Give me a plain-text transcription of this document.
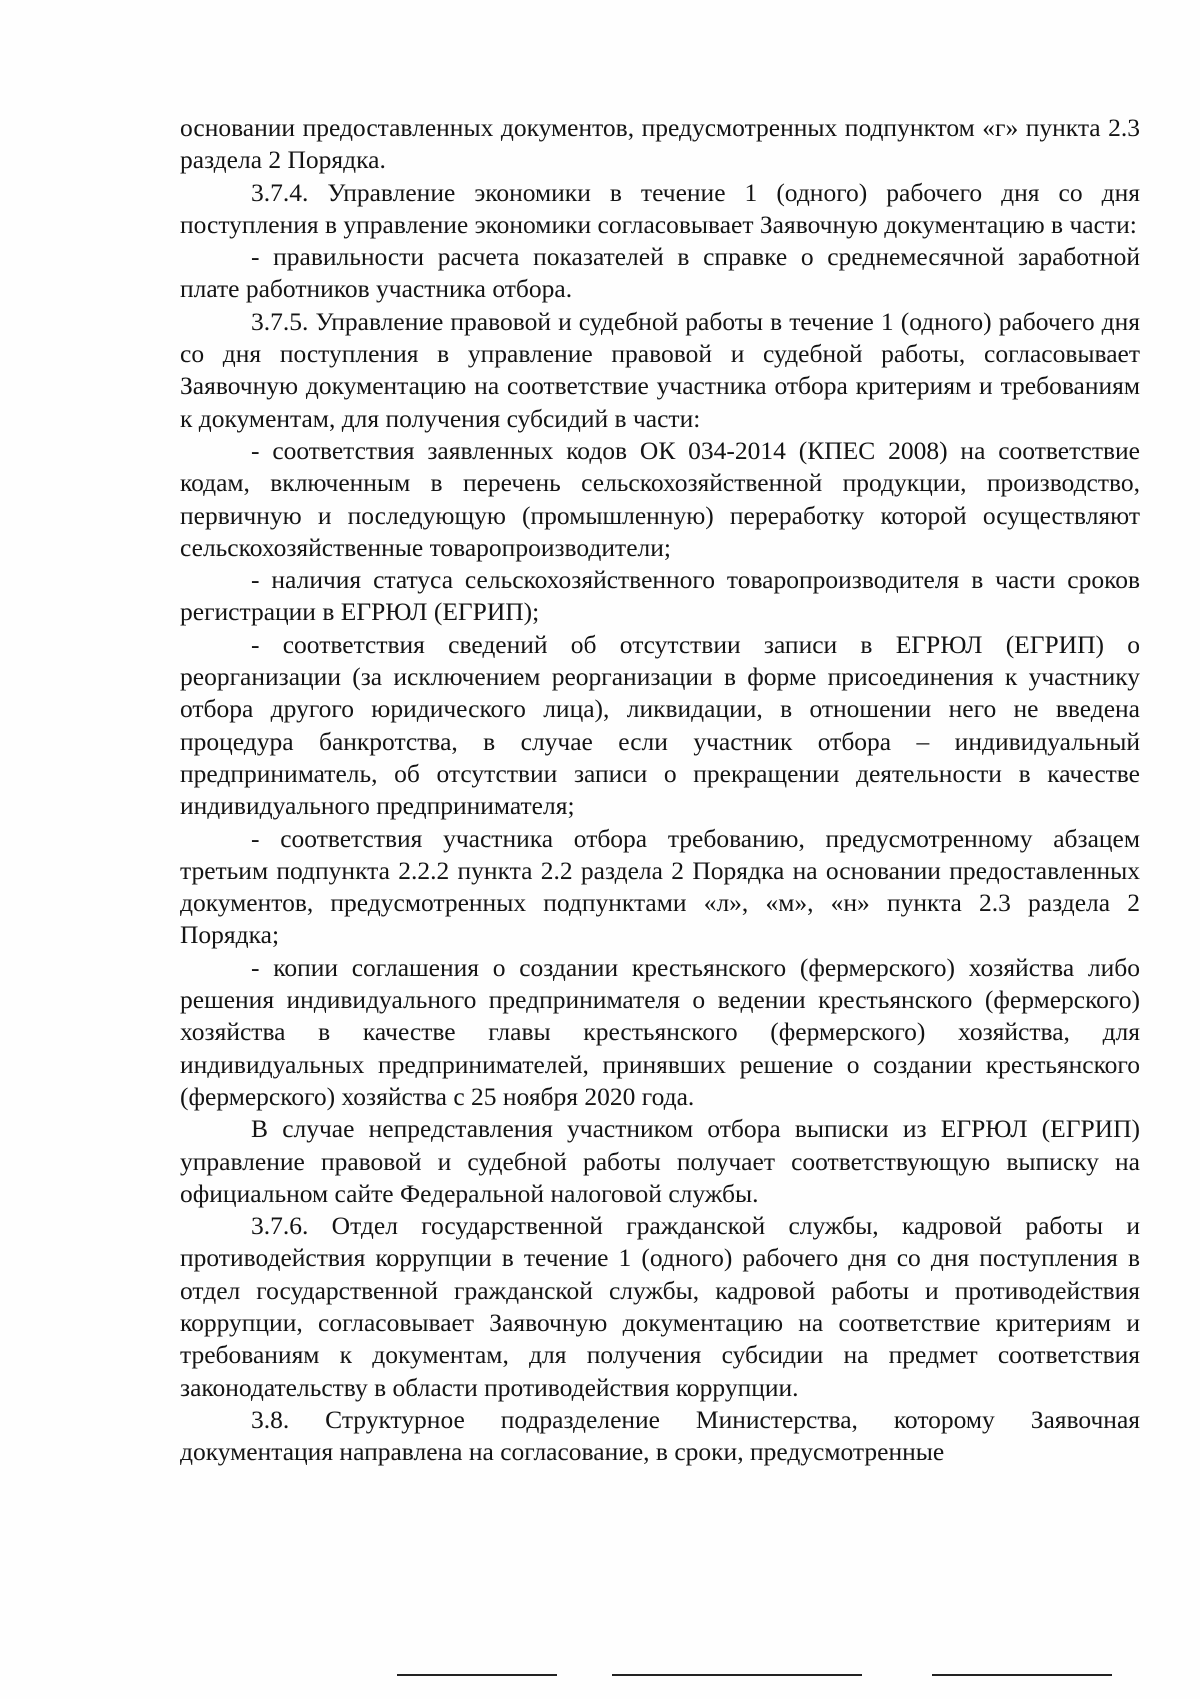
основании предоставленных документов, предусмотренных подпунктом «г» пункта 2.3 раздела 2 Порядка.

3.7.4. Управление экономики в течение 1 (одного) рабочего дня со дня поступления в управление экономики согласовывает Заявочную документацию в части:

- правильности расчета показателей в справке о среднемесячной заработной плате работников участника отбора.

3.7.5. Управление правовой и судебной работы в течение 1 (одного) рабочего дня со дня поступления в управление правовой и судебной работы, согласовывает Заявочную документацию на соответствие участника отбора критериям и требованиям к документам, для получения субсидий в части:

- соответствия заявленных кодов ОК 034-2014 (КПЕС 2008) на соответствие кодам, включенным в перечень сельскохозяйственной продукции, производство, первичную и последующую (промышленную) переработку которой осуществляют сельскохозяйственные товаропроизводители;

- наличия статуса сельскохозяйственного товаропроизводителя в части сроков регистрации в ЕГРЮЛ (ЕГРИП);

- соответствия сведений об отсутствии записи в ЕГРЮЛ (ЕГРИП) о реорганизации (за исключением реорганизации в форме присоединения к участнику отбора другого юридического лица), ликвидации, в отношении него не введена процедура банкротства, в случае если участник отбора – индивидуальный предприниматель, об отсутствии записи о прекращении деятельности в качестве индивидуального предпринимателя;

- соответствия участника отбора требованию, предусмотренному абзацем третьим подпункта 2.2.2 пункта 2.2 раздела 2 Порядка на основании предоставленных документов, предусмотренных подпунктами «л», «м», «н» пункта 2.3 раздела 2 Порядка;

- копии соглашения о создании крестьянского (фермерского) хозяйства либо решения индивидуального предпринимателя о ведении крестьянского (фермерского) хозяйства в качестве главы крестьянского (фермерского) хозяйства, для индивидуальных предпринимателей, принявших решение о создании крестьянского (фермерского) хозяйства с 25 ноября 2020 года.

В случае непредставления участником отбора выписки из ЕГРЮЛ (ЕГРИП) управление правовой и судебной работы получает соответствующую выписку на официальном сайте Федеральной налоговой службы.

3.7.6. Отдел государственной гражданской службы, кадровой работы и противодействия коррупции в течение 1 (одного) рабочего дня со дня поступления в отдел государственной гражданской службы, кадровой работы и противодействия коррупции, согласовывает Заявочную документацию на соответствие критериям и требованиям к документам, для получения субсидии на предмет соответствия законодательству в области противодействия коррупции.

3.8. Структурное подразделение Министерства, которому Заявочная документация направлена на согласование, в сроки, предусмотренные
